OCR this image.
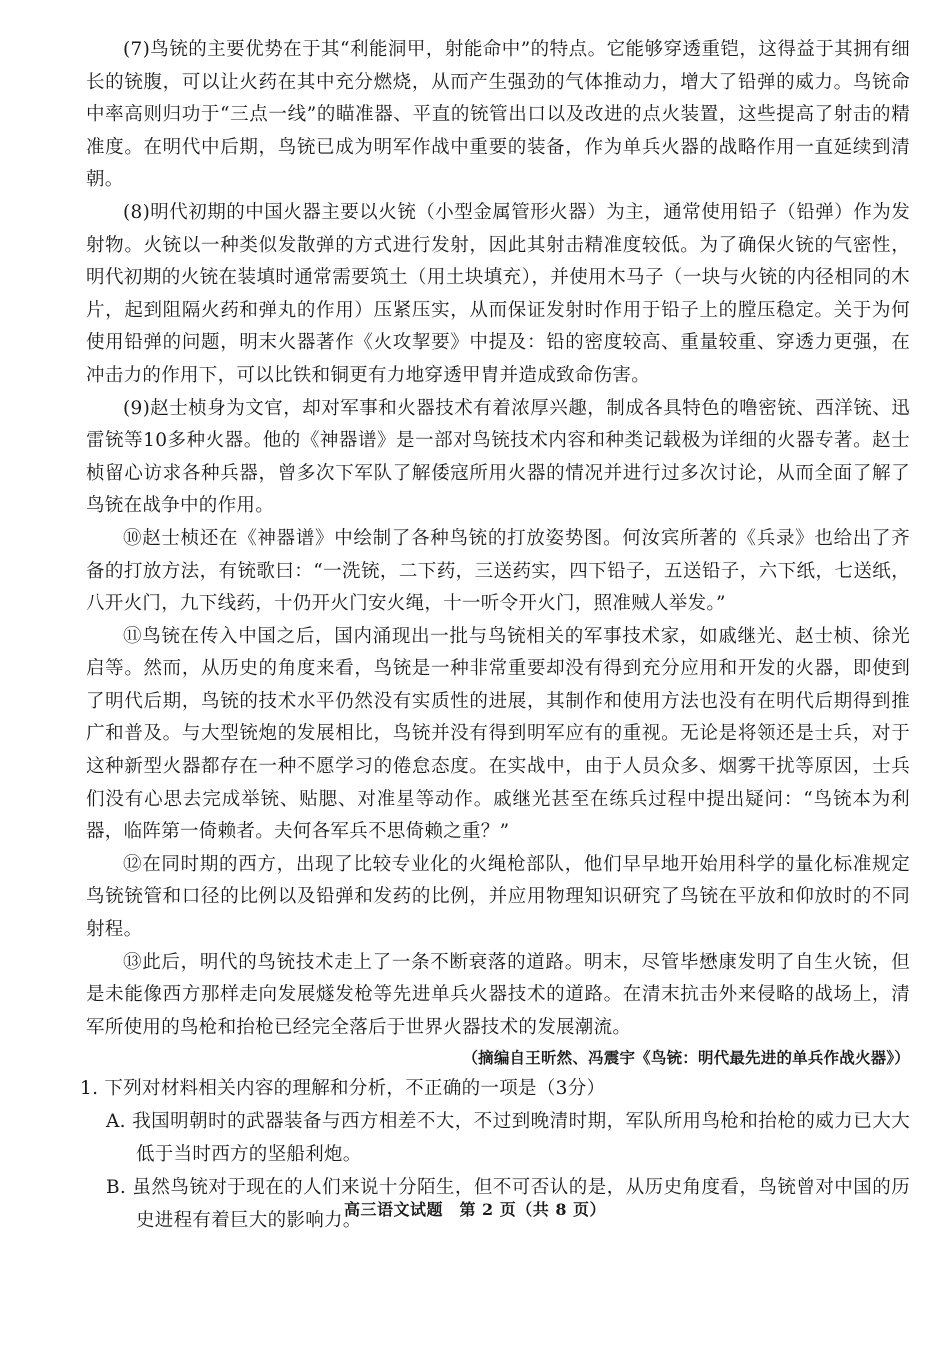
(7)鸟铳的主要优势在于其“利能洞甲，射能命中”的特点。它能够穿透重铠，这得益于其拥有细长的铳腹，可以让火药在其中充分燃烧，从而产生强劲的气体推动力，增大了铅弹的威力。鸟铳命中率高则归功于“三点一线”的瞄准器、平直的铳管出口以及改进的点火装置，这些提高了射击的精准度。在明代中后期，鸟铳已成为明军作战中重要的装备，作为单兵火器的战略作用一直延续到清朝。

(8)明代初期的中国火器主要以火铳（小型金属管形火器）为主，通常使用铅子（铅弹）作为发射物。火铳以一种类似发散弹的方式进行发射，因此其射击精准度较低。为了确保火铳的气密性，明代初期的火铳在装填时通常需要筑土（用土块填充），并使用木马子（一块与火铳的内径相同的木片，起到阻隔火药和弹丸的作用）压紧压实，从而保证发射时作用于铅子上的膛压稳定。关于为何使用铅弹的问题，明末火器著作《火攻挈要》中提及：铅的密度较高、重量较重、穿透力更强，在冲击力的作用下，可以比铁和铜更有力地穿透甲胄并造成致命伤害。

(9)赵士桢身为文官，却对军事和火器技术有着浓厚兴趣，制成各具特色的噜密铳、西洋铳、迅雷铳等10多种火器。他的《神器谱》是一部对鸟铳技术内容和种类记载极为详细的火器专著。赵士桢留心访求各种兵器，曾多次下军队了解倭寇所用火器的情况并进行过多次讨论，从而全面了解了鸟铳在战争中的作用。

⑩赵士桢还在《神器谱》中绘制了各种鸟铳的打放姿势图。何汝宾所著的《兵录》也给出了齐备的打放方法，有铳歌曰：“一洗铳，二下药，三送药实，四下铅子，五送铅子，六下纸，七送纸，八开火门，九下线药，十仍开火门安火绳，十一听令开火门，照准贼人举发。”

⑪鸟铳在传入中国之后，国内涌现出一批与鸟铳相关的军事技术家，如戚继光、赵士桢、徐光启等。然而，从历史的角度来看，鸟铳是一种非常重要却没有得到充分应用和开发的火器，即使到了明代后期，鸟铳的技术水平仍然没有实质性的进展，其制作和使用方法也没有在明代后期得到推广和普及。与大型铳炮的发展相比，鸟铳并没有得到明军应有的重视。无论是将领还是士兵，对于这种新型火器都存在一种不愿学习的倦怠态度。在实战中，由于人员众多、烟雾干扰等原因，士兵们没有心思去完成举铳、贴腮、对准星等动作。戚继光甚至在练兵过程中提出疑问：“鸟铳本为利器，临阵第一倚赖者。夫何各军兵不思倚赖之重？”

⑫在同时期的西方，出现了比较专业化的火绳枪部队，他们早早地开始用科学的量化标准规定鸟铳铳管和口径的比例以及铅弹和发药的比例，并应用物理知识研究了鸟铳在平放和仰放时的不同射程。

⑬此后，明代的鸟铳技术走上了一条不断衰落的道路。明末，尽管毕懋康发明了自生火铳，但是未能像西方那样走向发展燧发枪等先进单兵火器技术的道路。在清末抗击外来侵略的战场上，清军所使用的鸟枪和抬枪已经完全落后于世界火器技术的发展潮流。

（摘编自王昕然、冯震宇《鸟铳：明代最先进的单兵作战火器》）

1. 下列对材料相关内容的理解和分析，不正确的一项是（3分）

A. 我国明朝时的武器装备与西方相差不大，不过到晚清时期，军队所用鸟枪和抬枪的威力已大大低于当时西方的坚船利炮。

B. 虽然鸟铳对于现在的人们来说十分陌生，但不可否认的是，从历史角度看，鸟铳曾对中国的历史进程有着巨大的影响力。

高三语文试题　第 2 页（共 8 页）
